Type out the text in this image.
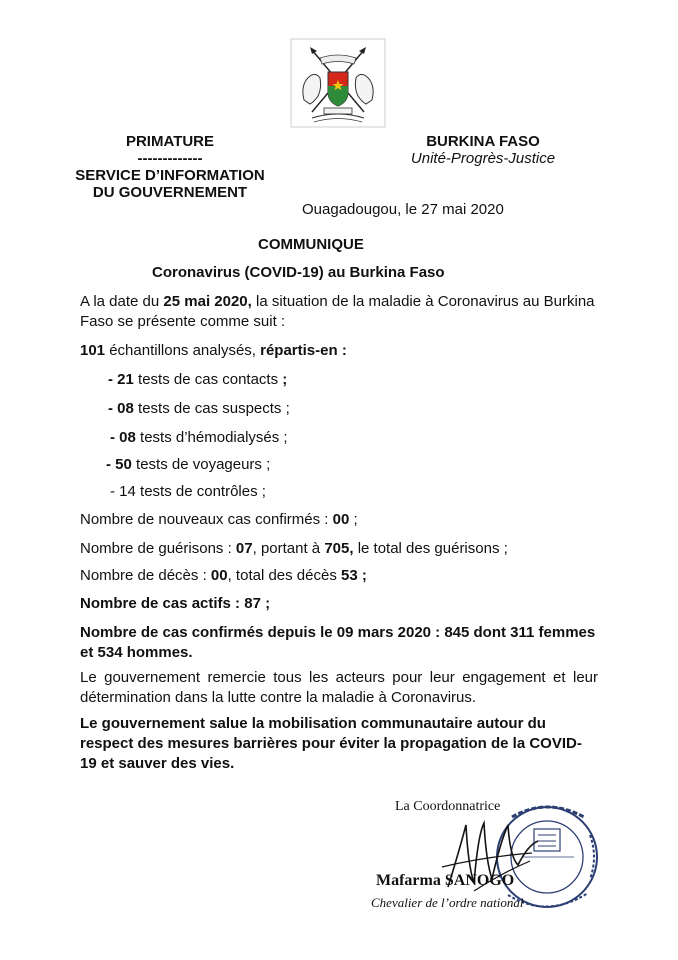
PRIMATURE
-------------
SERVICE D’INFORMATION
DU GOUVERNEMENT
BURKINA FASO
Unité-Progrès-Justice
Ouagadougou, le 27 mai 2020
COMMUNIQUE
Coronavirus (COVID-19) au Burkina Faso
A la date du 25 mai 2020, la situation de la maladie à Coronavirus au Burkina Faso se présente comme suit :
101 échantillons analysés, répartis-en :
- 21 tests de cas contacts ;
- 08 tests de cas suspects ;
- 08 tests d’hémodialysés ;
- 50 tests de voyageurs ;
- 14 tests de contrôles ;
Nombre de nouveaux cas confirmés : 00 ;
Nombre de guérisons : 07, portant à 705, le total des guérisons ;
Nombre de décès : 00, total des décès 53 ;
Nombre de cas actifs : 87 ;
Nombre de cas confirmés depuis le 09 mars 2020 : 845 dont 311 femmes et 534 hommes.
Le gouvernement remercie tous les acteurs pour leur engagement et leur détermination dans la lutte contre la maladie à Coronavirus.
Le gouvernement salue la mobilisation communautaire autour du respect des mesures barrières pour éviter la propagation de la COVID-19 et sauver des vies.
La Coordonnatrice
Mafarma SANOGO
Chevalier de l’ordre national
